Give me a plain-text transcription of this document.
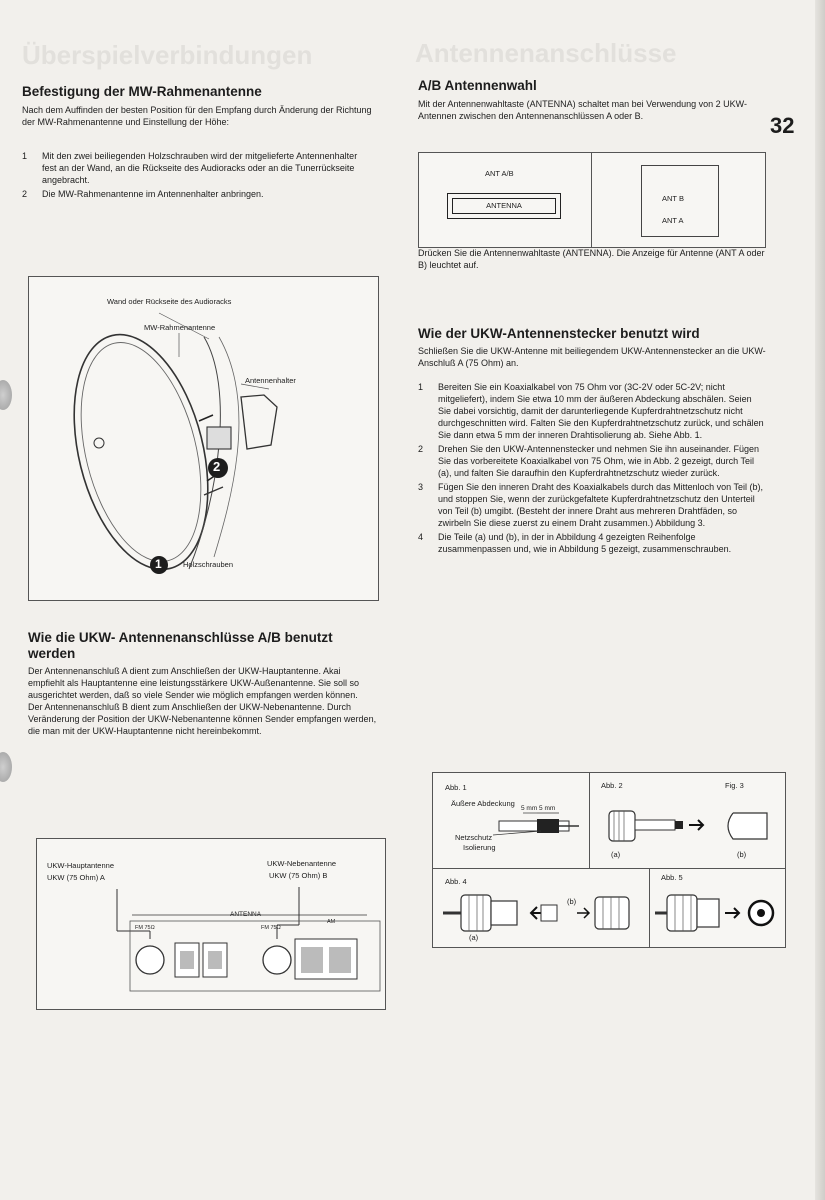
Überspielverbindungen	Antennenanschlüsse
32
Befestigung der MW-Rahmenantenne

Nach dem Auffinden der besten Position für den Empfang durch Änderung der Richtung der MW-Rahmenantenne und Einstellung der Höhe:

1 Mit den zwei beiliegenden Holzschrauben wird der mitgelieferte Antennenhalter fest an der Wand, an die Rückseite des Audioracks oder an die Tunerrückseite angebracht.
2 Die MW-Rahmenantenne im Antennenhalter anbringen.
Wand oder Rückseite des Audioracks
MW-Rahmenantenne
Antennenhalter
Holzschrauben
2
1
Wie die UKW- Antennenanschlüsse A/B benutzt werden

Der Antennenanschluß A dient zum Anschließen der UKW-Hauptantenne. Akai empfiehlt als Hauptantenne eine leistungsstärkere UKW-Außenantenne. Sie soll so ausgerichtet werden, daß so viele Sender wie möglich empfangen werden können.

Der Antennenanschluß B dient zum Anschließen der UKW-Nebenantenne. Durch Veränderung der Position der UKW-Nebenantenne können Sender empfangen werden, die man mit der UKW-Hauptantenne nicht hereinbekommt.

UKW-Hauptantenne
UKW (75 Ohm) A
UKW-Nebenantenne
UKW (75 Ohm) B
ANTENNA
FM 75Ω	FM 75Ω
AM
A/B Antennenwahl

Mit der Antennenwahltaste (ANTENNA) schaltet man bei Verwendung von 2 UKW-Antennen zwischen den Antennenanschlüssen A oder B.

ANT A/B
ANTENNA
ANT B
ANT A

Drücken Sie die Antennenwahltaste (ANTENNA). Die Anzeige für Antenne (ANT A oder B) leuchtet auf.

Wie der UKW-Antennenstecker benutzt wird

Schließen Sie die UKW-Antenne mit beiliegendem UKW-Antennenstecker an die UKW-Anschluß A (75 Ohm) an.

1 Bereiten Sie ein Koaxialkabel von 75 Ohm vor (3C-2V oder 5C-2V; nicht mitgeliefert), indem Sie etwa 10 mm der äußeren Abdeckung abschälen. Seien Sie dabei vorsichtig, damit der darunterliegende Kupferdrahtnetzschutz nicht durchgeschnitten wird. Falten Sie den Kupferdrahtnetzschutz zurück, und schälen Sie dann etwa 5 mm der inneren Drahtisolierung ab. Siehe Abb. 1.
2 Drehen Sie den UKW-Antennenstecker und nehmen Sie ihn auseinander. Fügen Sie das vorbereitete Koaxialkabel von 75 Ohm, wie in Abb. 2 gezeigt, durch Teil (a), und falten Sie daraufhin den Kupferdrahtnetzschutz wieder zurück.
3 Fügen Sie den inneren Draht des Koaxialkabels durch das Mittenloch von Teil (b), und stoppen Sie, wenn der zurückgefaltete Kupferdrahtnetzschutz den Unterteil von Teil (b) umgibt. (Besteht der innere Draht aus mehreren Drahtfäden, so zwirbeln Sie diese zuerst zu einem Draht zusammen.) Abbildung 3.
4 Die Teile (a) und (b), in der in Abbildung 4 gezeigten Reihenfolge zusammenpassen und, wie in Abbildung 5 gezeigt, zusammenschrauben.
Abb. 1
Äußere Abdeckung
5 mm 5 mm
Netzschutz
Isolierung
Abb. 2	Fig. 3
(a)	(b)
Abb. 4
(a)
(b)
Abb. 5
